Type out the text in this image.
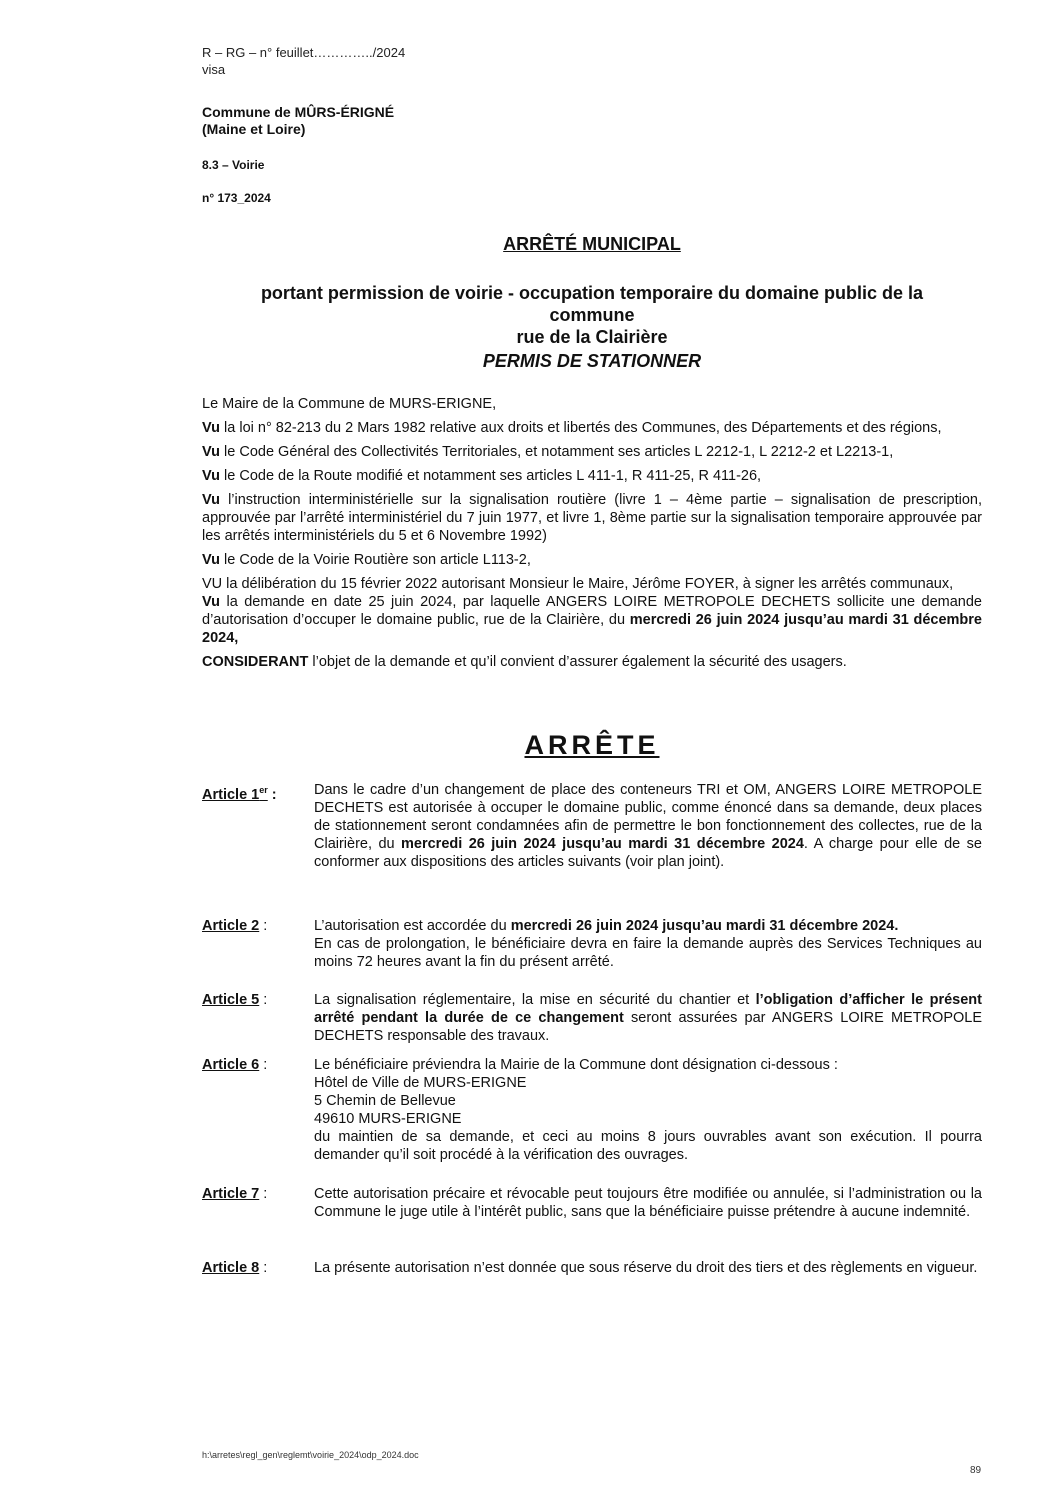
R – RG – n° feuillet…………../2024
visa
Commune de MÛRS-ÉRIGNÉ
(Maine et Loire)
8.3 – Voirie
n° 173_2024
ARRÊTÉ MUNICIPAL
portant permission de voirie - occupation temporaire du domaine public de la
commune
rue de la Clairière
PERMIS DE STATIONNER

Le Maire de la Commune de MURS-ERIGNE,

Vu la loi n° 82-213 du 2 Mars 1982 relative aux droits et libertés des Communes, des Départements et des régions,

Vu le Code Général des Collectivités Territoriales, et notamment ses articles L 2212-1, L 2212-2 et L2213-1,

Vu le Code de la Route modifié et notamment ses articles L 411-1, R 411-25, R 411-26,

Vu l’instruction interministérielle sur la signalisation routière (livre 1 – 4ème partie – signalisation de prescription, approuvée par l’arrêté interministériel du 7 juin 1977, et livre 1, 8ème partie sur la signalisation temporaire approuvée par les arrêtés interministériels du 5 et 6 Novembre 1992)

Vu le Code de la Voirie Routière son article L113-2,

VU la délibération du 15 février 2022 autorisant Monsieur le Maire, Jérôme FOYER, à signer les arrêtés communaux,

Vu la demande en date 25 juin 2024, par laquelle ANGERS LOIRE METROPOLE DECHETS sollicite une demande d’autorisation d’occuper le domaine public, rue de la Clairière, du mercredi 26 juin 2024 jusqu’au mardi 31 décembre 2024,

CONSIDERANT l’objet de la demande et qu’il convient d’assurer également la sécurité des usagers.

ARRÊTE
Article 1er :	Dans le cadre d’un changement de place des conteneurs TRI et OM, ANGERS LOIRE METROPOLE DECHETS est autorisée à occuper le domaine public, comme énoncé dans sa demande, deux places de stationnement seront condamnées afin de permettre le bon fonctionnement des collectes, rue de la Clairière, du mercredi 26 juin 2024 jusqu’au mardi 31 décembre 2024. A charge pour elle de se conformer aux dispositions des articles suivants (voir plan joint).
Article 2 :	L’autorisation est accordée du mercredi 26 juin 2024 jusqu’au mardi 31 décembre 2024.
En cas de prolongation, le bénéficiaire devra en faire la demande auprès des Services Techniques au moins 72 heures avant la fin du présent arrêté.
Article 5 :	La signalisation réglementaire, la mise en sécurité du chantier et l’obligation d’afficher le présent arrêté pendant la durée de ce changement seront assurées par ANGERS LOIRE METROPOLE DECHETS responsable des travaux.
Article 6 :	Le bénéficiaire préviendra la Mairie de la Commune dont désignation ci-dessous :
Hôtel de Ville de MURS-ERIGNE
5 Chemin de Bellevue
49610 MURS-ERIGNE
du maintien de sa demande, et ceci au moins 8 jours ouvrables avant son exécution. Il pourra demander qu’il soit procédé à la vérification des ouvrages.
Article 7 :	Cette autorisation précaire et révocable peut toujours être modifiée ou annulée, si l’administration ou la Commune le juge utile à l’intérêt public, sans que la bénéficiaire puisse prétendre à aucune indemnité.
Article 8 :	La présente autorisation n’est donnée que sous réserve du droit des tiers et des règlements en vigueur.
h:\arretes\regl_gen\reglemt\voirie_2024\odp_2024.doc
89
